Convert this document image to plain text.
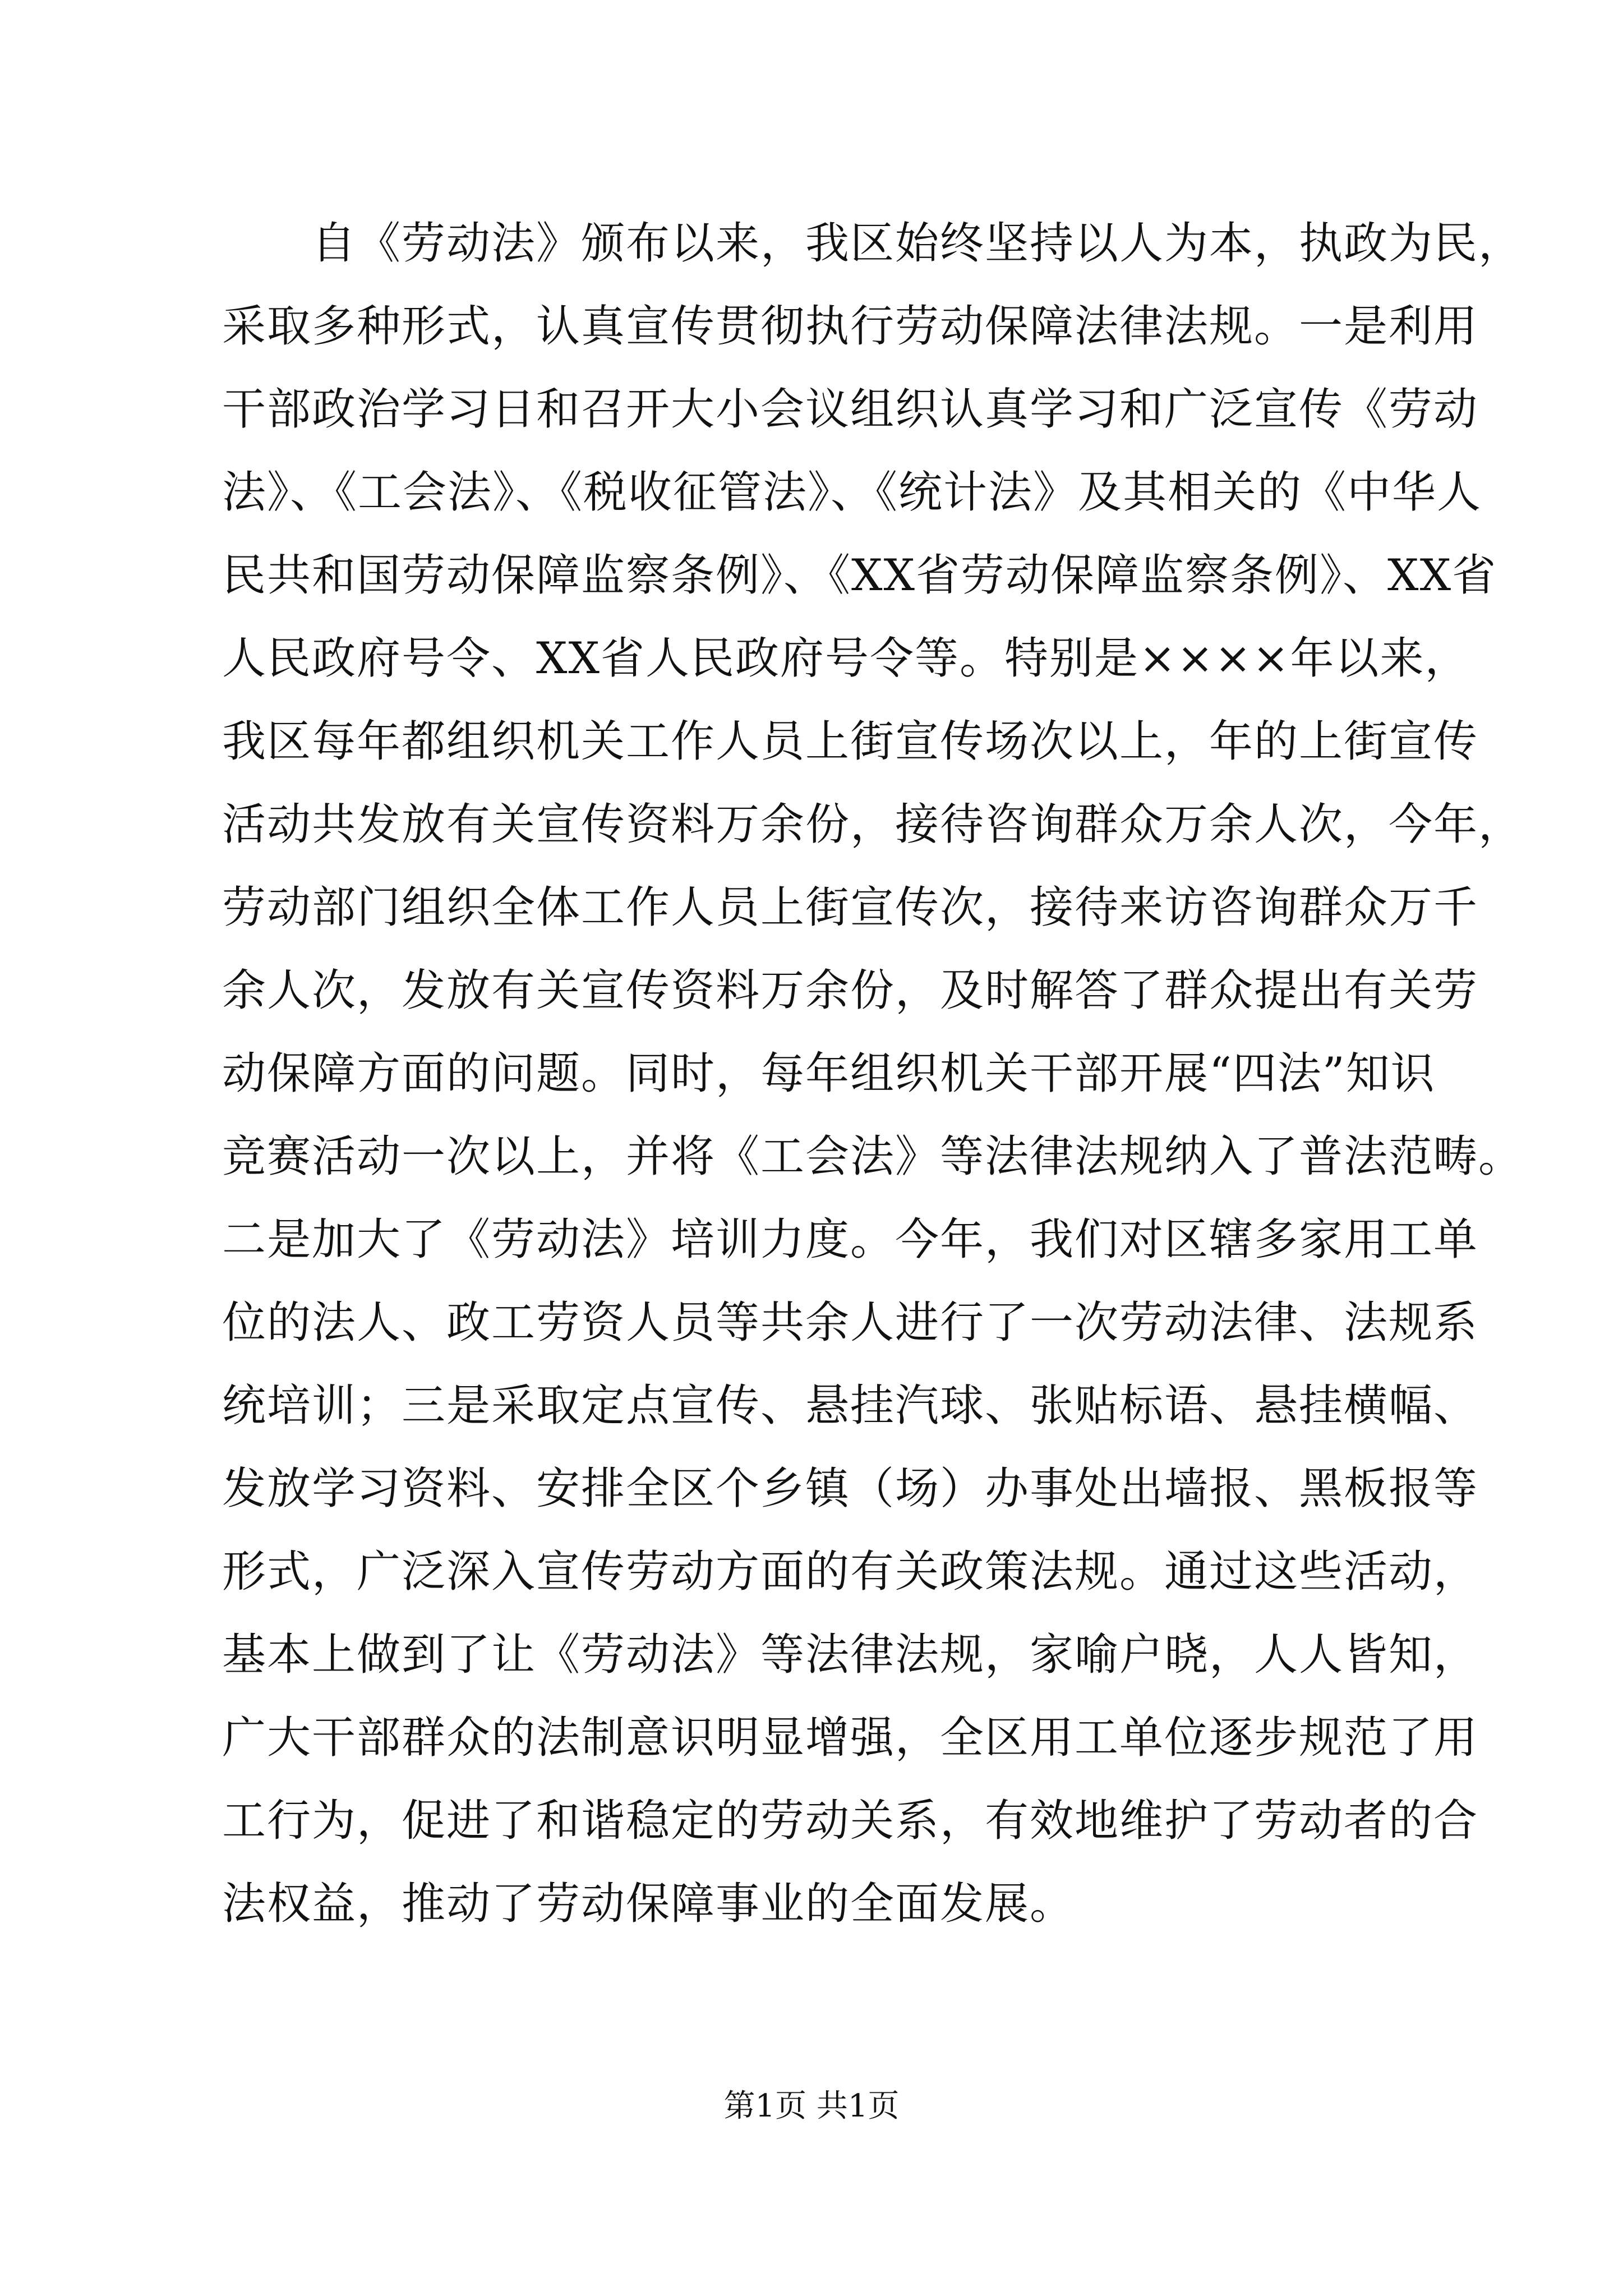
自《劳动法》颁布以来，我区始终坚持以人为本，执政为民，
采取多种形式，认真宣传贯彻执行劳动保障法律法规。一是利用
干部政治学习日和召开大小会议组织认真学习和广泛宣传《劳动
法》、《工会法》、《税收征管法》、《统计法》及其相关的《中华人
民共和国劳动保障监察条例》、《XX省劳动保障监察条例》、XX省
人民政府号令、XX省人民政府号令等。特别是××××年以来，
我区每年都组织机关工作人员上街宣传场次以上，年的上街宣传
活动共发放有关宣传资料万余份，接待咨询群众万余人次，今年，
劳动部门组织全体工作人员上街宣传次，接待来访咨询群众万千
余人次，发放有关宣传资料万余份，及时解答了群众提出有关劳
动保障方面的问题。同时，每年组织机关干部开展“四法”知识
竞赛活动一次以上，并将《工会法》等法律法规纳入了普法范畴。
二是加大了《劳动法》培训力度。今年，我们对区辖多家用工单
位的法人、政工劳资人员等共余人进行了一次劳动法律、法规系
统培训；三是采取定点宣传、悬挂汽球、张贴标语、悬挂横幅、
发放学习资料、安排全区个乡镇（场）办事处出墙报、黑板报等
形式，广泛深入宣传劳动方面的有关政策法规。通过这些活动，
基本上做到了让《劳动法》等法律法规，家喻户晓，人人皆知，
广大干部群众的法制意识明显增强，全区用工单位逐步规范了用
工行为，促进了和谐稳定的劳动关系，有效地维护了劳动者的合
法权益，推动了劳动保障事业的全面发展。
第1页 共1页
